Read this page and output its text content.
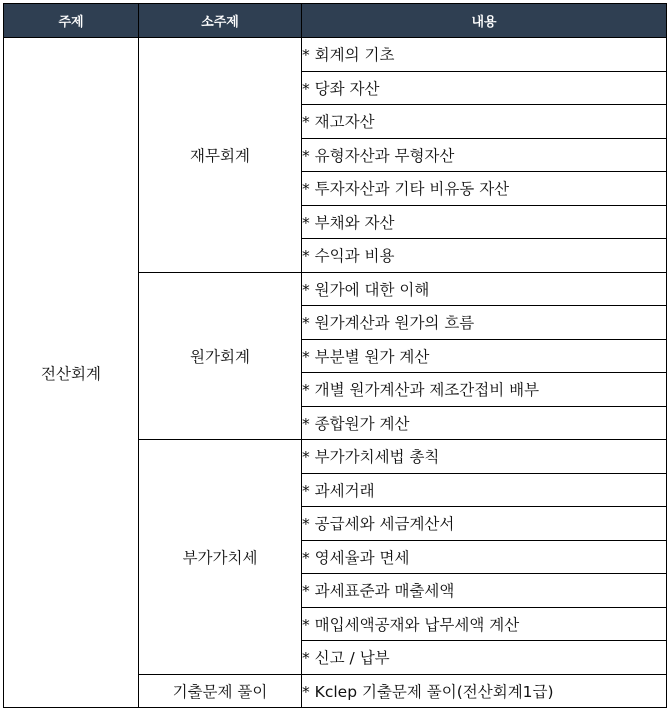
주제	소주제	내용
전산회계	재무회계	* 회계의 기초
		* 당좌 자산
		* 재고자산
		* 유형자산과 무형자산
		* 투자자산과 기타 비유동 자산
		* 부채와 자산
		* 수익과 비용
	원가회계	* 원가에 대한 이해
		* 원가계산과 원가의 흐름
		* 부분별 원가 계산
		* 개별 원가계산과 제조간접비 배부
		* 종합원가 계산
	부가가치세	* 부가가치세법 총칙
		* 과세거래
		* 공급세와 세금계산서
		* 영세율과 면세
		* 과세표준과 매출세액
		* 매입세액공재와 납무세액 계산
		* 신고 / 납부
	기출문제 풀이	* Kclep 기출문제 풀이(전산회계1급)
